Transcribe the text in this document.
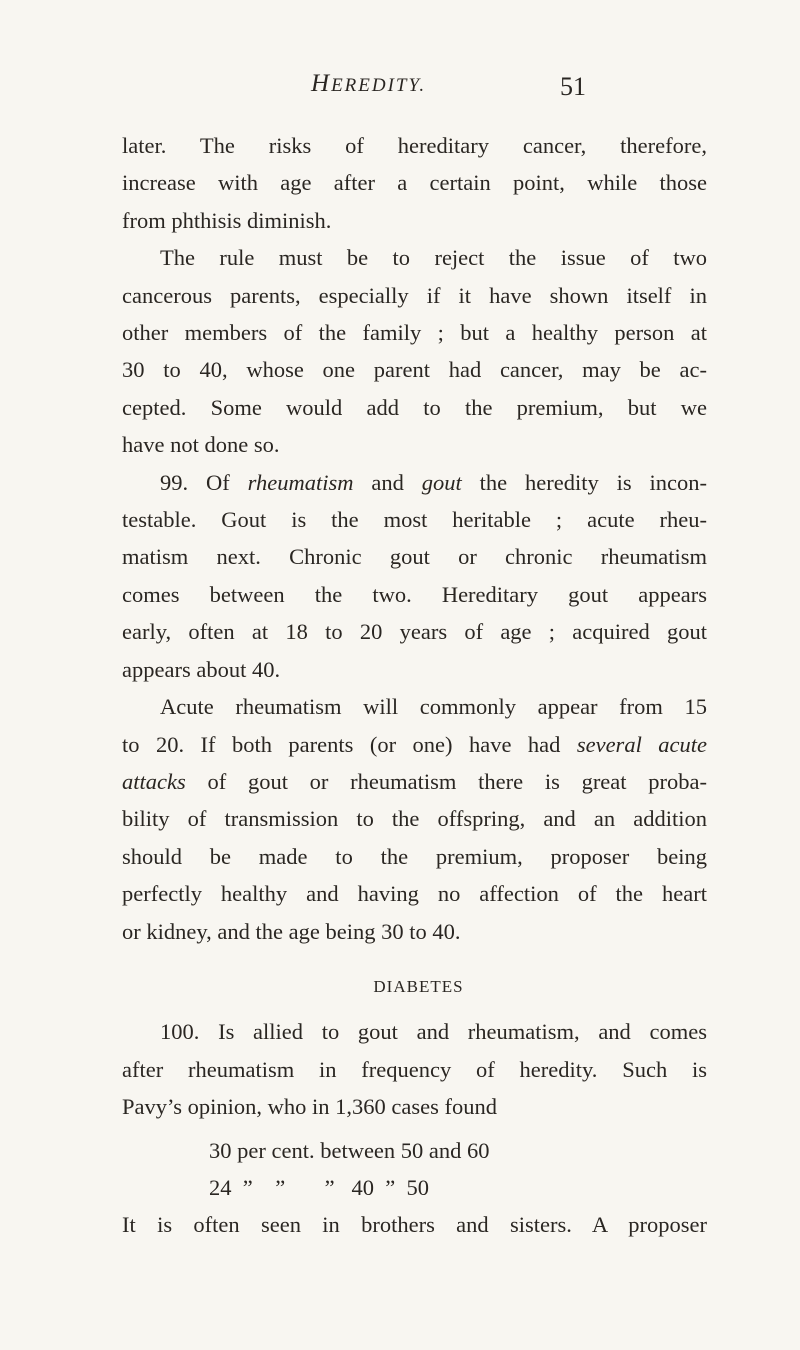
HEREDITY.	51
later. The risks of hereditary cancer, therefore,
increase with age after a certain point, while those
from phthisis diminish.
The rule must be to reject the issue of two
cancerous parents, especially if it have shown itself in
other members of the family ; but a healthy person at
30 to 40, whose one parent had cancer, may be ac-
cepted. Some would add to the premium, but we
have not done so.
99. Of rheumatism and gout the heredity is incon-
testable. Gout is the most heritable ; acute rheu-
matism next. Chronic gout or chronic rheumatism
comes between the two. Hereditary gout appears
early, often at 18 to 20 years of age ; acquired gout
appears about 40.
Acute rheumatism will commonly appear from 15
to 20. If both parents (or one) have had several acute
attacks of gout or rheumatism there is great proba-
bility of transmission to the offspring, and an addition
should be made to the premium, proposer being
perfectly healthy and having no affection of the heart
or kidney, and the age being 30 to 40.
DIABETES
100. Is allied to gout and rheumatism, and comes
after rheumatism in frequency of heredity. Such is
Pavy’s opinion, who in 1,360 cases found
30 per cent. between 50 and 60
24  ”    ”       ”   40  ”  50
It is often seen in brothers and sisters. A proposer
